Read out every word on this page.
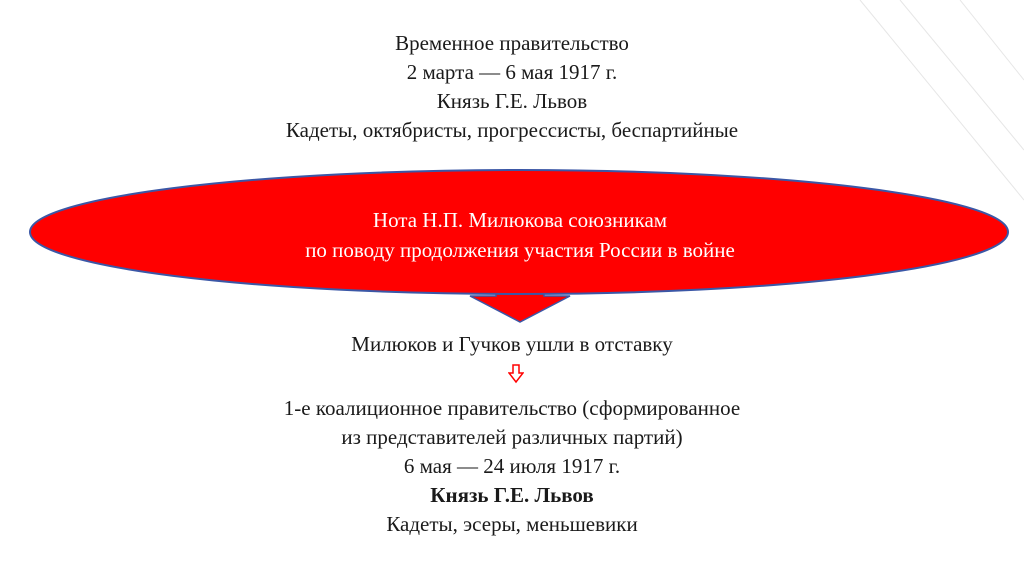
Временное правительство
2 марта — 6 мая 1917 г.
Князь Г.Е. Львов
Кадеты, октябристы, прогрессисты, беспартийные
Нота Н.П. Милюкова союзникам
по поводу продолжения участия России в войне
Милюков и Гучков ушли в отставку
1-е коалиционное правительство (сформированное
из представителей различных партий)
6 мая — 24 июля 1917 г.
Князь Г.Е. Львов
Кадеты, эсеры, меньшевики
